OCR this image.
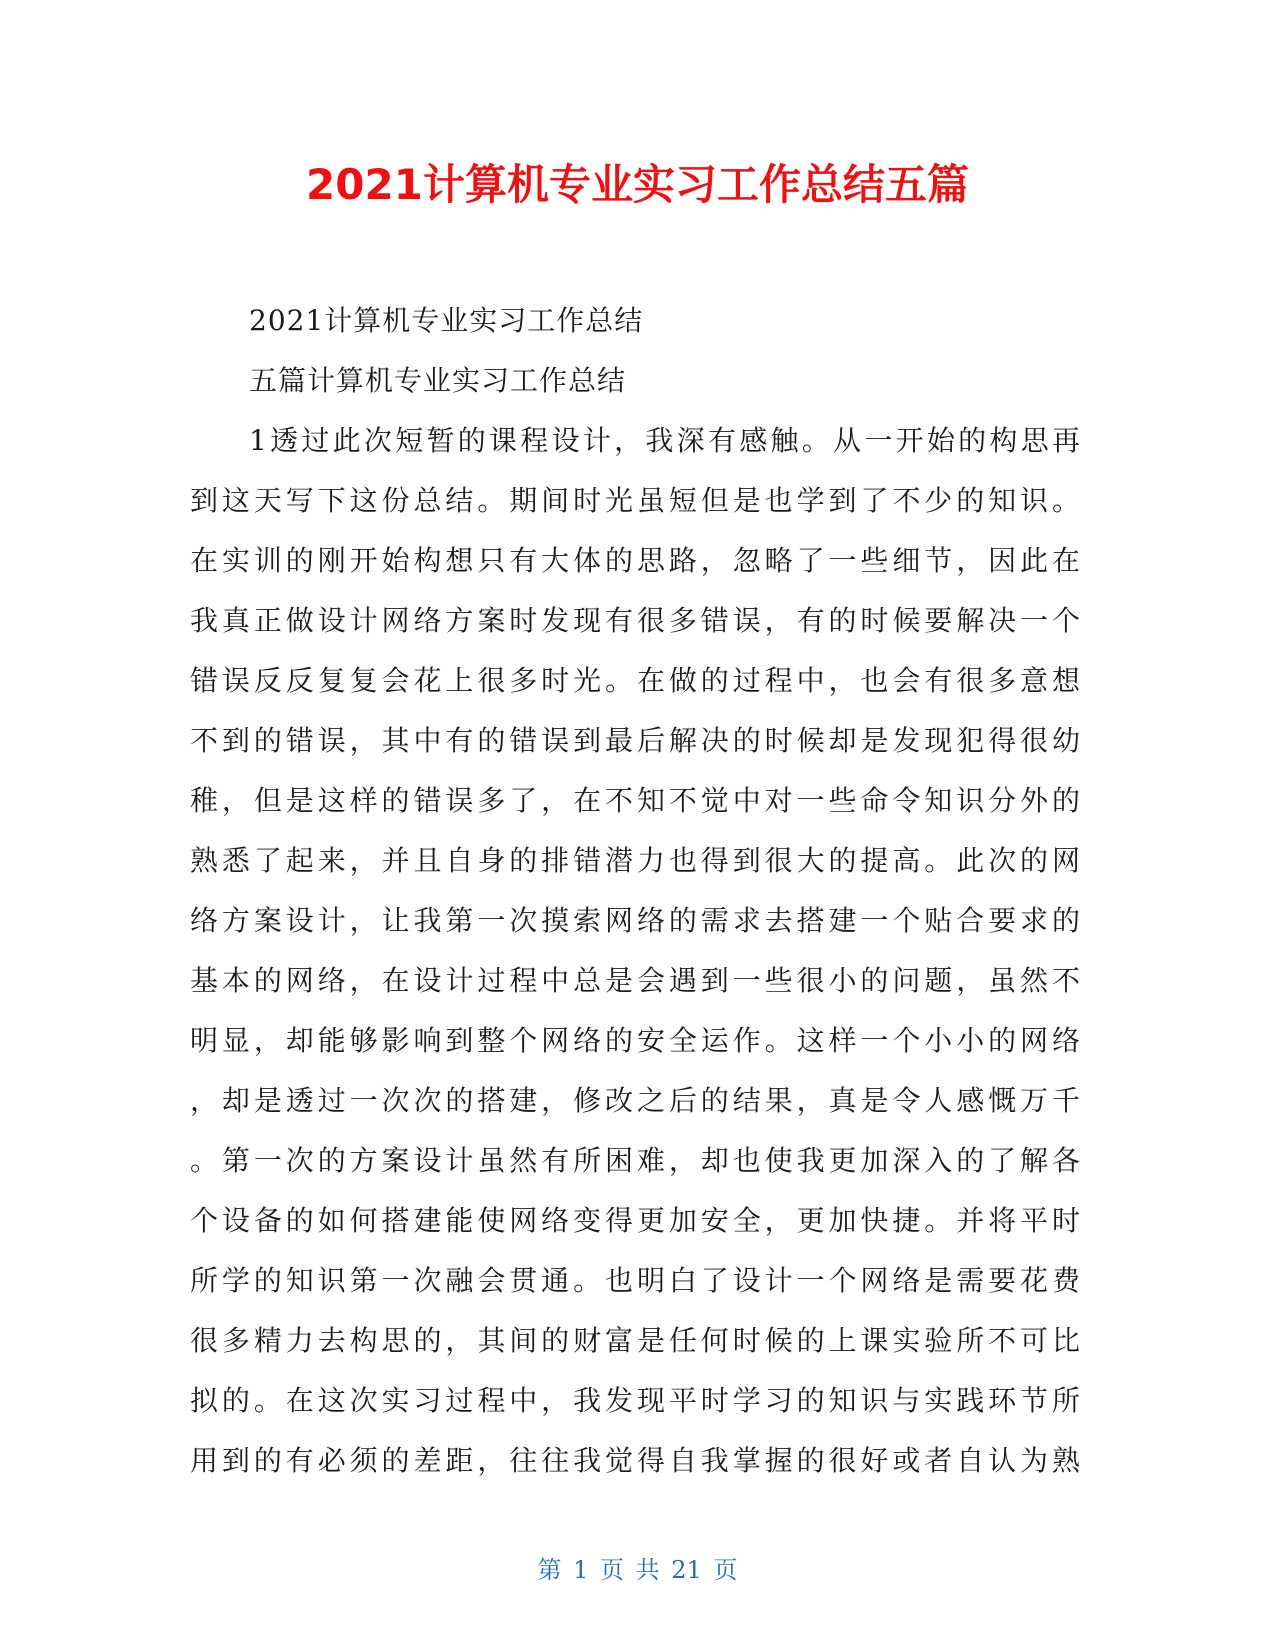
2021计算机专业实习工作总结五篇
2021计算机专业实习工作总结
五篇计算机专业实习工作总结
1透过此次短暂的课程设计，我深有感触。从一开始的构思再
到这天写下这份总结。期间时光虽短但是也学到了不少的知识。
在实训的刚开始构想只有大体的思路，忽略了一些细节，因此在
我真正做设计网络方案时发现有很多错误，有的时候要解决一个
错误反反复复会花上很多时光。在做的过程中，也会有很多意想
不到的错误，其中有的错误到最后解决的时候却是发现犯得很幼
稚，但是这样的错误多了，在不知不觉中对一些命令知识分外的
熟悉了起来，并且自身的排错潜力也得到很大的提高。此次的网
络方案设计，让我第一次摸索网络的需求去搭建一个贴合要求的
基本的网络，在设计过程中总是会遇到一些很小的问题，虽然不
明显，却能够影响到整个网络的安全运作。这样一个小小的网络
，却是透过一次次的搭建，修改之后的结果，真是令人感慨万千
。第一次的方案设计虽然有所困难，却也使我更加深入的了解各
个设备的如何搭建能使网络变得更加安全，更加快捷。并将平时
所学的知识第一次融会贯通。也明白了设计一个网络是需要花费
很多精力去构思的，其间的财富是任何时候的上课实验所不可比
拟的。在这次实习过程中，我发现平时学习的知识与实践环节所
用到的有必须的差距，往往我觉得自我掌握的很好或者自认为熟
第 1 页 共 21 页
